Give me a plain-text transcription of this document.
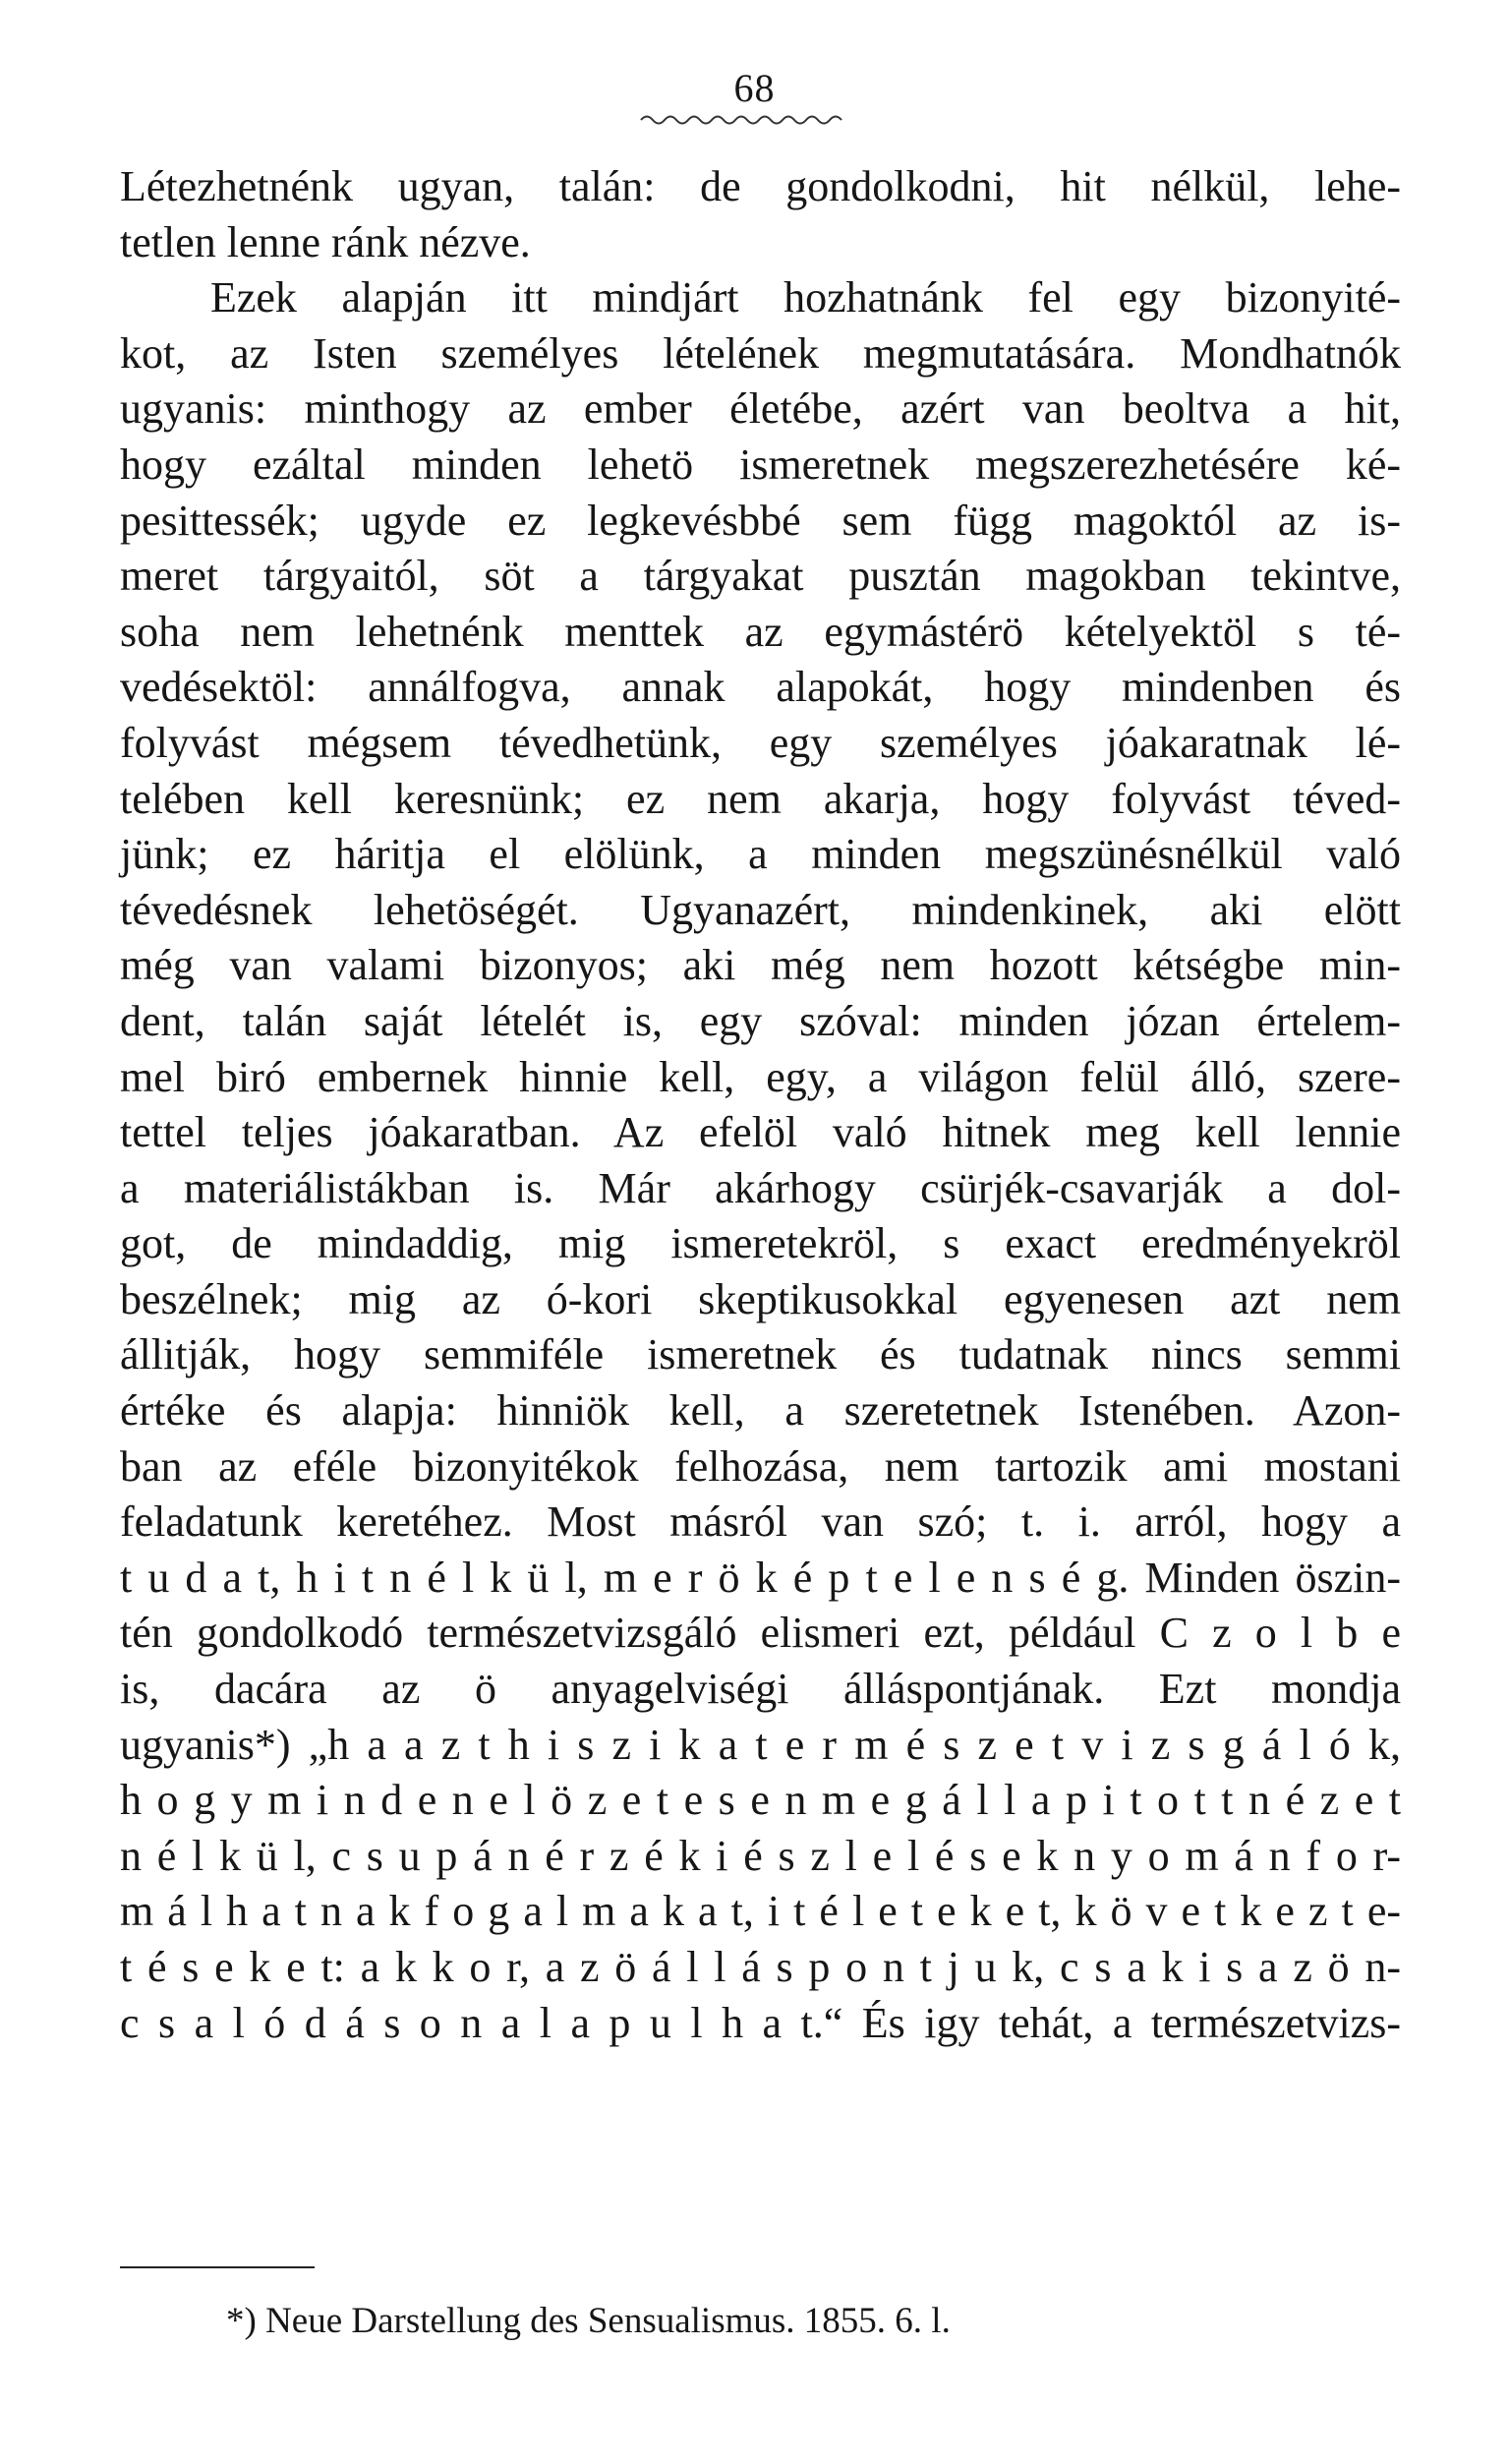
68
Létezhetnénk ugyan, talán: de gondolkodni, hit nélkül, lehe-
tetlen lenne ránk nézve.
Ezek alapján itt mindjárt hozhatnánk fel egy bizonyité-
kot, az Isten személyes lételének megmutatására. Mondhatnók
ugyanis: minthogy az ember életébe, azért van beoltva a hit,
hogy ezáltal minden lehetö ismeretnek megszerezhetésére ké-
pesittessék; ugyde ez legkevésbbé sem függ magoktól az is-
meret tárgyaitól, söt a tárgyakat pusztán magokban tekintve,
soha nem lehetnénk menttek az egymástérö kételyektöl s té-
vedésektöl: annálfogva, annak alapokát, hogy mindenben és
folyvást mégsem tévedhetünk, egy személyes jóakaratnak lé-
telében kell keresnünk; ez nem akarja, hogy folyvást téved-
jünk; ez háritja el elölünk, a minden megszünésnélkül való
tévedésnek lehetöségét. Ugyanazért, mindenkinek, aki elött
még van valami bizonyos; aki még nem hozott kétségbe min-
dent, talán saját lételét is, egy szóval: minden józan értelem-
mel biró embernek hinnie kell, egy, a világon felül álló, szere-
tettel teljes jóakaratban. Az efelöl való hitnek meg kell lennie
a materiálistákban is. Már akárhogy csürjék-csavarják a dol-
got, de mindaddig, mig ismeretekröl, s exact eredményekröl
beszélnek; mig az ó-kori skeptikusokkal egyenesen azt nem
állitják, hogy semmiféle ismeretnek és tudatnak nincs semmi
értéke és alapja: hinniök kell, a szeretetnek Istenében. Azon-
ban az eféle bizonyitékok felhozása, nem tartozik ami mostani
feladatunk keretéhez. Most másról van szó; t. i. arról, hogy a
t u d a t, h i t n é l k ü l, m e r ö k é p t e l e n s é g. Minden öszin-
tén gondolkodó természetvizsgáló elismeri ezt, például C z o l b e
is, dacára az ö anyagelviségi álláspontjának. Ezt mondja
ugyanis*) „h a a z t h i s z i k a t e r m é s z e t v i z s g á l ó k,
h o g y m i n d e n e l ö z e t e s e n m e g á l l a p i t o t t n é z e t
n é l k ü l, c s u p á n é r z é k i é s z l e l é s e k n y o m á n f o r-
m á l h a t n a k f o g a l m a k a t, i t é l e t e k e t, k ö v e t k e z t e-
t é s e k e t: a k k o r, a z ö á l l á s p o n t j u k, c s a k i s a z ö n-
c s a l ó d á s o n a l a p u l h a t.“ És igy tehát, a természetvizs-
*) Neue Darstellung des Sensualismus. 1855. 6. l.
